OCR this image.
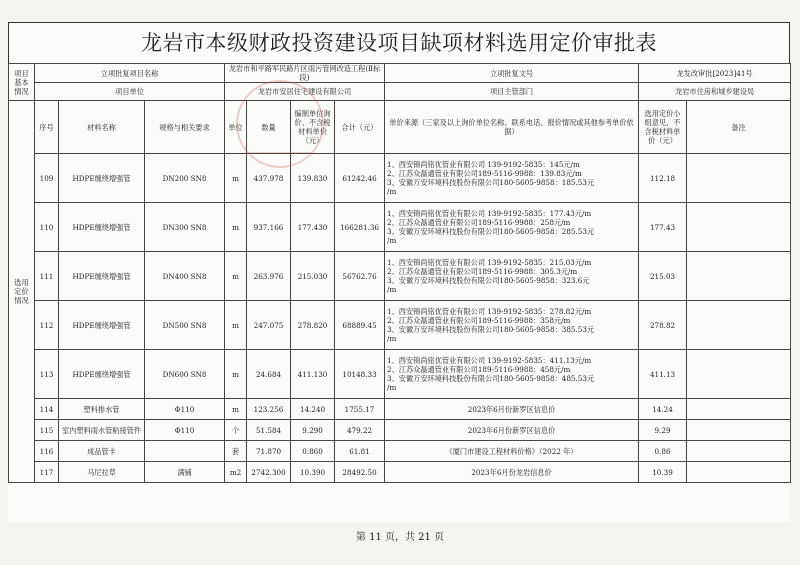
龙岩市本级财政投资建设项目缺项材料选用定价审批表
项目基本情况	立项批复项目名称			龙岩市和平路军民路片区雨污管网改造工程(Ⅱ标段)				立项批复文号	龙发改审批[2023]41号	
	项目单位			龙岩市安居住宅建设有限公司				项目主管部门	龙岩市住房和城乡建设局	
选用定价情况	序号	材料名称	规格与相关要求	单位	数量	编制单位询价、不含税材料单价（元）	合计（元）	单价来源（三家及以上询价单位名称、联系电话、报价情况或其他参考单价依据）	选用定价小组意见，不含税材料单价（元）	备注
	109	HDPE缠绕增强管	DN200 SN8	m	437.978	139.830	61242.46	1、西安锦尚铭优管业有限公司 139-9192-5835：145元/m
2、江苏众磊通管业有限公司189-5116-9988：139.83元/m
3、安徽万安环境科技股份有限公司180-5605-9858：185.53元
/m	112.18	
	110	HDPE缠绕增强管	DN300 SN8	m	937.166	177.430	166281.36	1、西安锦尚铭优管业有限公司 139-9192-5835：177.43元/m
2、江苏众磊通管业有限公司189-5116-9988：258元/m
3、安徽万安环境科技股份有限公司180-5605-9858：285.53元
/m	177.43	
	111	HDPE缠绕增强管	DN400 SN8	m	263.976	215.030	56762.76	1、西安锦尚铭优管业有限公司 139-9192-5835：215.03元/m
2、江苏众磊通管业有限公司189-5116-9988：305.3元/m
3、安徽万安环境科技股份有限公司180-5605-9858：323.6元
/m	215.03	
	112	HDPE缠绕增强管	DN500 SN8	m	247.075	278.820	68889.45	1、西安锦尚铭优管业有限公司 139-9192-5835：278.82元/m
2、江苏众磊通管业有限公司189-5116-9988：358元/m
3、安徽万安环境科技股份有限公司180-5605-9858：385.53元
/m	278.82	
	113	HDPE缠绕增强管	DN600 SN8	m	24.684	411.130	10148.33	1、西安锦尚铭优管业有限公司 139-9192-5835：411.13元/m
2、江苏众磊通管业有限公司189-5116-9988：458元/m
3、安徽万安环境科技股份有限公司180-5605-9858：485.53元
/m	411.13	
	114	塑料排水管	Φ110	m	123.256	14.240	1755.17	2023年6月份新罗区信息价	14.24	
	115	室内塑料雨水管粘接管件	Φ110	个	51.584	9.290	479.22	2023年6月份新罗区信息价	9.29	
	116	成品管卡		套	71.870	0.860	61.81	《厦门市建设工程材料价格》（2022 年）	0.86	
	117	马尼拉草	满铺	m2	2742.300	10.390	28492.50	2023年6月份龙岩信息价	10.39	
第 11 页，共 21 页
